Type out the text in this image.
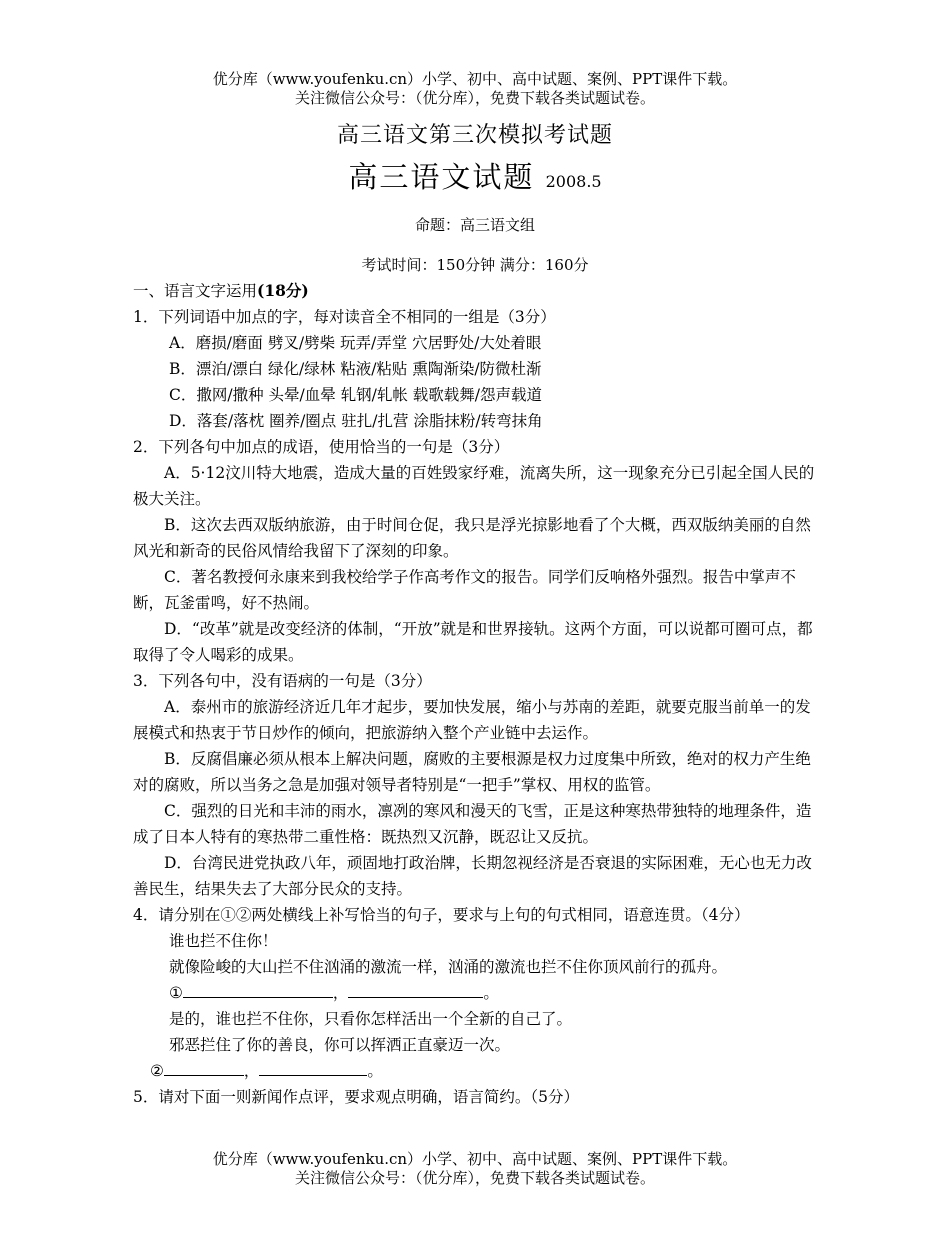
优分库（www.youfenku.cn）小学、初中、高中试题、案例、PPT课件下载。
关注微信公众号：（优分库），免费下载各类试题试卷。
高三语文第三次模拟考试题
高三语文试题 2008.5
命题：高三语文组
考试时间：150分钟 满分：160分

一、语言文字运用(18分)

1．下列词语中加点的字，每对读音全不相同的一组是（3分）

A．磨损/磨面 劈叉/劈柴 玩弄/弄堂 穴居野处/大处着眼

B．漂泊/漂白 绿化/绿林 粘液/粘贴 熏陶渐染/防微杜渐

C．撒网/撒种 头晕/血晕 轧钢/轧帐 载歌载舞/怨声载道

D．落套/落枕 圈养/圈点 驻扎/扎营 涂脂抹粉/转弯抹角

2．下列各句中加点的成语，使用恰当的一句是（3分）

A．5·12汶川特大地震，造成大量的百姓毁家纾难，流离失所，这一现象充分已引起全国人民的极大关注。

B．这次去西双版纳旅游，由于时间仓促，我只是浮光掠影地看了个大概，西双版纳美丽的自然风光和新奇的民俗风情给我留下了深刻的印象。

C．著名教授何永康来到我校给学子作高考作文的报告。同学们反响格外强烈。报告中掌声不断，瓦釜雷鸣，好不热闹。

D．“改革”就是改变经济的体制，“开放”就是和世界接轨。这两个方面，可以说都可圈可点，都取得了令人喝彩的成果。

3．下列各句中，没有语病的一句是（3分）

A．泰州市的旅游经济近几年才起步，要加快发展，缩小与苏南的差距，就要克服当前单一的发展模式和热衷于节日炒作的倾向，把旅游纳入整个产业链中去运作。

B．反腐倡廉必须从根本上解决问题，腐败的主要根源是权力过度集中所致，绝对的权力产生绝对的腐败，所以当务之急是加强对领导者特别是“一把手”掌权、用权的监管。

C．强烈的日光和丰沛的雨水，凛冽的寒风和漫天的飞雪，正是这种寒热带独特的地理条件，造成了日本人特有的寒热带二重性格：既热烈又沉静，既忍让又反抗。

D．台湾民进党执政八年，顽固地打政治牌，长期忽视经济是否衰退的实际困难，无心也无力改善民生，结果失去了大部分民众的支持。

4．请分别在①②两处横线上补写恰当的句子，要求与上句的句式相同，语意连贯。（4分）

谁也拦不住你！

就像险峻的大山拦不住汹涌的激流一样，汹涌的激流也拦不住你顶风前行的孤舟。

①	，	。

是的，谁也拦不住你，只看你怎样活出一个全新的自己了。

邪恶拦住了你的善良，你可以挥洒正直豪迈一次。

②	，	。

5．请对下面一则新闻作点评，要求观点明确，语言简约。（5分）

优分库（www.youfenku.cn）小学、初中、高中试题、案例、PPT课件下载。
关注微信公众号：（优分库），免费下载各类试题试卷。
